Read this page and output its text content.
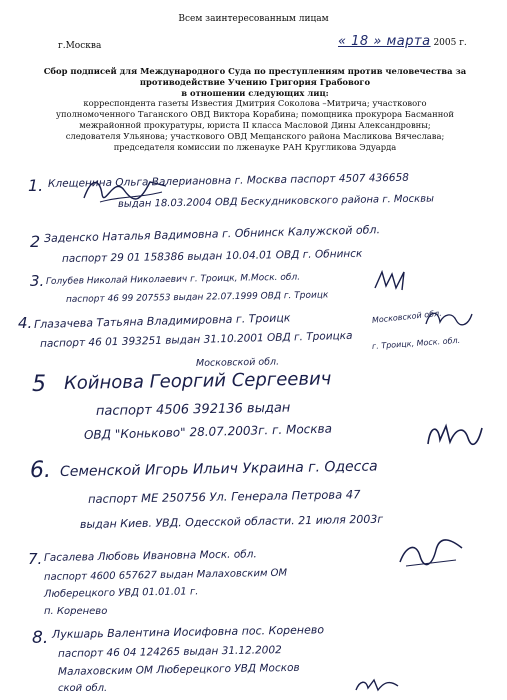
Всем заинтересованным лицам
г.Москва	« 18 » марта 2005 г.
Сбор подписей для Международного Суда по преступлениям против человечества за
противодействие Учению Григория Грабового
в отношении следующих лиц:
корреспондента газеты Известия Дмитрия Соколова –Митрича; участкового
уполномоченного Таганского ОВД Виктора Корабина; помощника прокурора Басманной
межрайонной прокуратуры, юриста II класса Масловой Дины Александровны;
следователя Ульянова; участкового ОВД Мещанского района Масликова Вячеслава;
председателя комиссии по лженауке РАН Кругликова Эдуарда
1. Клещенина Ольга Валериановна г. Москва паспорт 4507 436658
выдан 18.03.2004 ОВД Бескудниковского района г. Москвы
2 Заденско Наталья Вадимовна г. Обнинск Калужской обл.
паспорт 29 01 158386 выдан 10.04.01 ОВД г. Обнинск
3. Голубев Николай Николаевич г. Троицк, М.Моск. обл.
паспорт 46 99 207553 выдан 22.07.1999 ОВД г. Троицк
4. Глазачева Татьяна Владимировна г. Троицк
паспорт 46 01 393251 выдан 31.10.2001 ОВД г. Троицка
Московской обл.
Московской обл.
г. Троицк, Моск. обл.
5 Койнова Георгий Сергеевич
паспорт 4506 392136 выдан
ОВД "Коньково" 28.07.2003г. г. Москва
6. Семенской Игорь Ильич Украина г. Одесса
паспорт МЕ 250756 Ул. Генерала Петрова 47
выдан Киев. УВД. Одесской области. 21 июля 2003г
7. Гасалева Любовь Ивановна Моск. обл.
паспорт 4600 657627 выдан Малаховским ОМ
Люберецкого УВД 01.01.01 г.
п. Коренево
8. Лукшарь Валентина Иосифовна пос. Коренево
паспорт 46 04 124265 выдан 31.12.2002
Малаховским ОМ Люберецкого УВД Москов
ской обл.
